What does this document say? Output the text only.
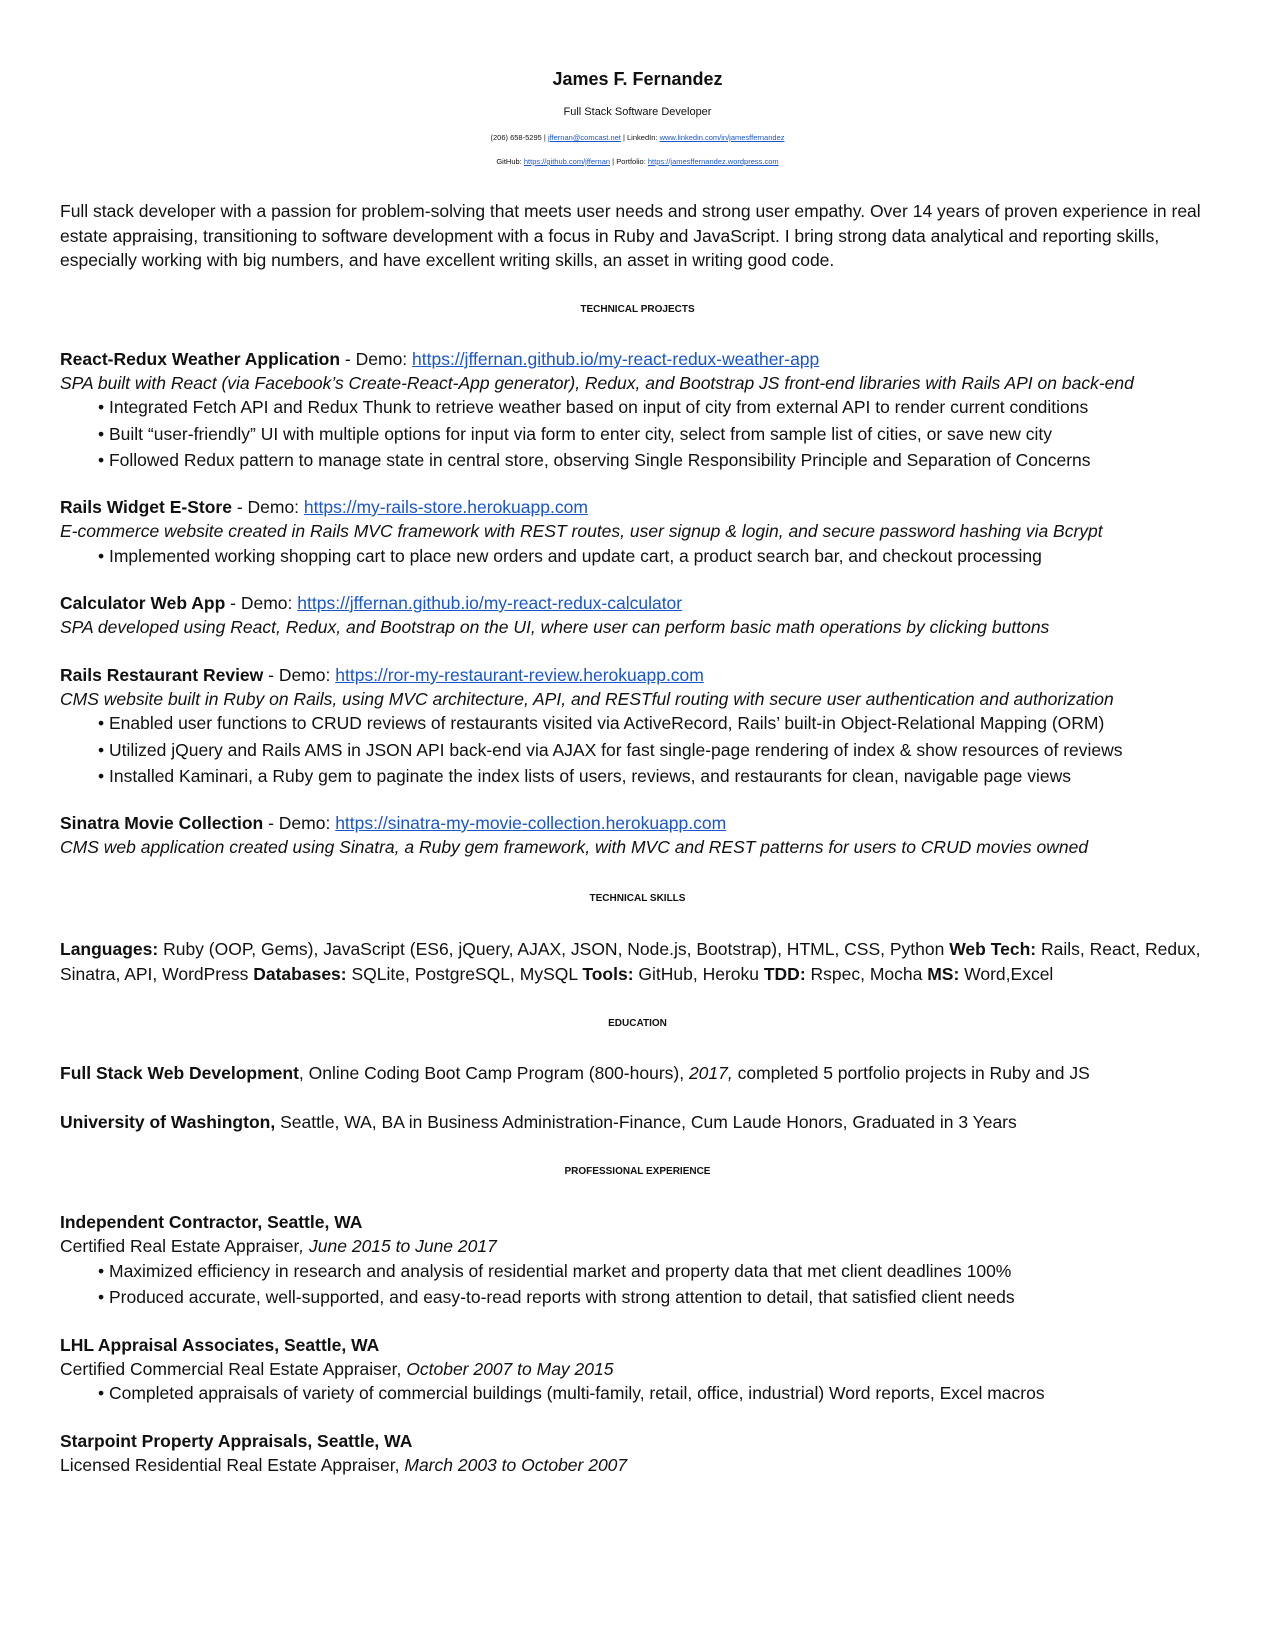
James F. Fernandez
Full Stack Software Developer
(206) 658-5295 | jffernan@comcast.net | LinkedIn: www.linkedin.com/in/jamesffernandez
GitHub: https://github.com/jffernan | Portfolio: https://jamesffernandez.wordpress.com
Full stack developer with a passion for problem-solving that meets user needs and strong user empathy. Over 14 years of proven experience in real estate appraising, transitioning to software development with a focus in Ruby and JavaScript. I bring strong data analytical and reporting skills, especially working with big numbers, and have excellent writing skills, an asset in writing good code.
TECHNICAL PROJECTS
React-Redux Weather Application - Demo: https://jffernan.github.io/my-react-redux-weather-app
SPA built with React (via Facebook’s Create-React-App generator), Redux, and Bootstrap JS front-end libraries with Rails API on back-end
• Integrated Fetch API and Redux Thunk to retrieve weather based on input of city from external API to render current conditions
• Built “user-friendly” UI with multiple options for input via form to enter city, select from sample list of cities, or save new city
• Followed Redux pattern to manage state in central store, observing Single Responsibility Principle and Separation of Concerns
Rails Widget E-Store - Demo: https://my-rails-store.herokuapp.com
E-commerce website created in Rails MVC framework with REST routes, user signup & login, and secure password hashing via Bcrypt
• Implemented working shopping cart to place new orders and update cart, a product search bar, and checkout processing
Calculator Web App - Demo: https://jffernan.github.io/my-react-redux-calculator
SPA developed using React, Redux, and Bootstrap on the UI, where user can perform basic math operations by clicking buttons
Rails Restaurant Review - Demo: https://ror-my-restaurant-review.herokuapp.com
CMS website built in Ruby on Rails, using MVC architecture, API, and RESTful routing with secure user authentication and authorization
• Enabled user functions to CRUD reviews of restaurants visited via ActiveRecord, Rails’ built-in Object-Relational Mapping (ORM)
• Utilized jQuery and Rails AMS in JSON API back-end via AJAX for fast single-page rendering of index & show resources of reviews
• Installed Kaminari, a Ruby gem to paginate the index lists of users, reviews, and restaurants for clean, navigable page views
Sinatra Movie Collection - Demo: https://sinatra-my-movie-collection.herokuapp.com
CMS web application created using Sinatra, a Ruby gem framework, with MVC and REST patterns for users to CRUD movies owned
TECHNICAL SKILLS
Languages: Ruby (OOP, Gems), JavaScript (ES6, jQuery, AJAX, JSON, Node.js, Bootstrap), HTML, CSS, Python Web Tech: Rails, React, Redux, Sinatra, API, WordPress Databases: SQLite, PostgreSQL, MySQL Tools: GitHub, Heroku TDD: Rspec, Mocha MS: Word,Excel
EDUCATION
Full Stack Web Development, Online Coding Boot Camp Program (800-hours), 2017, completed 5 portfolio projects in Ruby and JS
University of Washington, Seattle, WA, BA in Business Administration-Finance, Cum Laude Honors, Graduated in 3 Years
PROFESSIONAL EXPERIENCE
Independent Contractor, Seattle, WA
Certified Real Estate Appraiser, June 2015 to June 2017
• Maximized efficiency in research and analysis of residential market and property data that met client deadlines 100%
• Produced accurate, well-supported, and easy-to-read reports with strong attention to detail, that satisfied client needs
LHL Appraisal Associates, Seattle, WA
Certified Commercial Real Estate Appraiser, October 2007 to May 2015
• Completed appraisals of variety of commercial buildings (multi-family, retail, office, industrial) Word reports, Excel macros
Starpoint Property Appraisals, Seattle, WA
Licensed Residential Real Estate Appraiser, March 2003 to October 2007
